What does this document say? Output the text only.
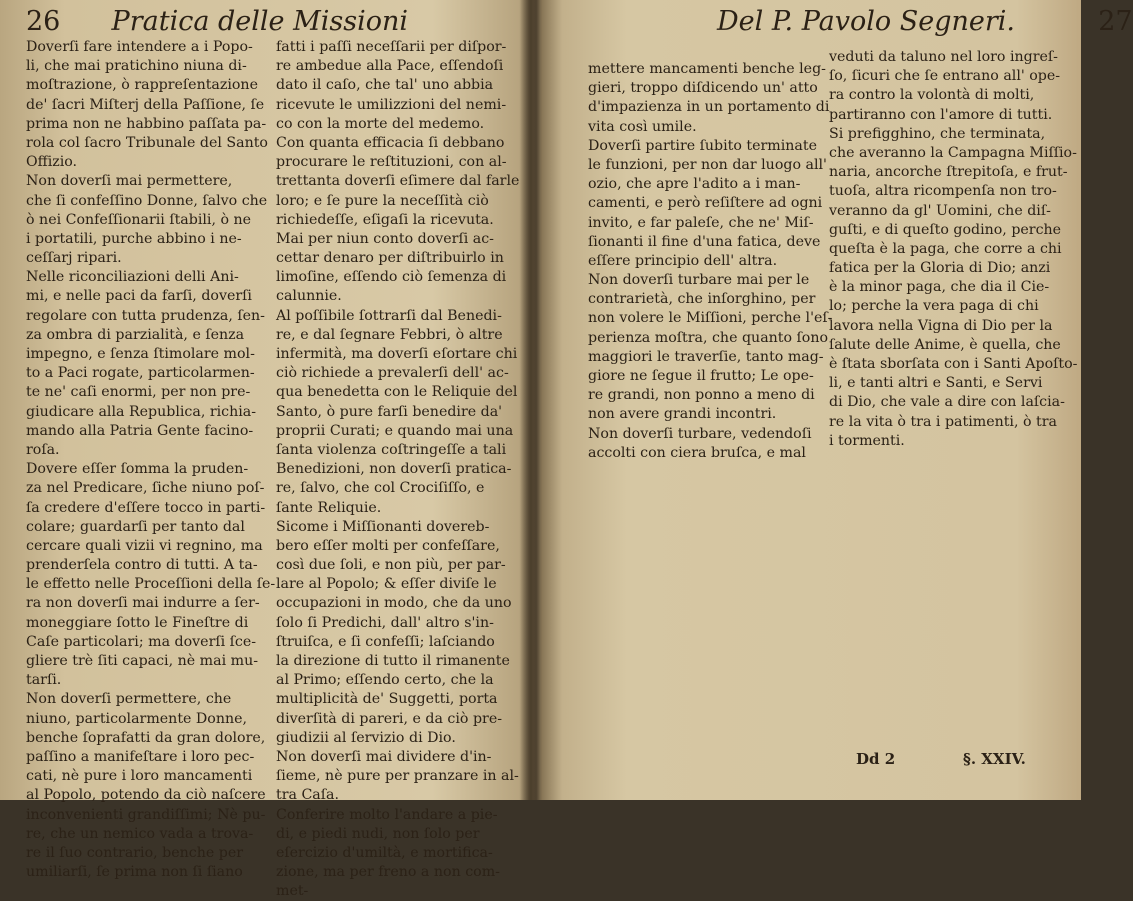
26 Pratica delle Missioni
Doverſi fare intendere a i Popo-
li, che mai pratichino niuna di-
moſtrazione, ò rappreſentazione
de' ſacri Miſterj della Paſſione, ſe
prima non ne habbino paſſata pa-
rola col ſacro Tribunale del Santo
Offizio.
Non doverſi mai permettere,
che ſi confeſſino Donne, ſalvo che
ò nei Confeſſionarii ſtabili, ò ne
i portatili, purche abbino i ne-
ceſſarj ripari.
Nelle riconciliazioni delli Ani-
mi, e nelle paci da farſi, doverſi
regolare con tutta prudenza, ſen-
za ombra di parzialità, e ſenza
impegno, e ſenza ſtimolare mol-
to a Paci rogate, particolarmen-
te ne' caſi enormi, per non pre-
giudicare alla Republica, richia-
mando alla Patria Gente facino-
roſa.
Dovere eſſer ſomma la pruden-
za nel Predicare, ſiche niuno poſ-
ſa credere d'eſſere tocco in parti-
colare; guardarſi per tanto dal
cercare quali vizii vi regnino, ma
prenderſela contro di tutti. A ta-
le effetto nelle Proceſſioni della ſe-
ra non doverſi mai indurre a ſer-
moneggiare ſotto le Fineſtre di
Caſe particolari; ma doverſi ſce-
gliere trè ſiti capaci, nè mai mu-
tarſi.
Non doverſi permettere, che
niuno, particolarmente Donne,
benche ſoprafatti da gran dolore,
paſſino a manifeſtare i loro pec-
cati, nè pure i loro mancamenti
al Popolo, potendo da ciò naſcere
inconvenienti grandiſſimi; Nè pu-
re, che un nemico vada a trova-
re il ſuo contrario, benche per
umiliarſi, ſe prima non ſi ſiano
fatti i paſſi neceſſarii per diſpor-
re ambedue alla Pace, eſſendoſi
dato il caſo, che tal' uno abbia
ricevute le umilizzioni del nemi-
co con la morte del medemo.
Con quanta efficacia ſi debbano
procurare le reſtituzioni, con al-
trettanta doverſi eſimere dal farle
loro; e ſe pure la neceſſità ciò
richiedeſſe, eſigaſi la ricevuta.
Mai per niun conto doverſi ac-
cettar denaro per diſtribuirlo in
limoſine, eſſendo ciò ſemenza di
calunnie.
Al poſſibile ſottrarſi dal Benedi-
re, e dal ſegnare Febbri, ò altre
infermità, ma doverſi eſortare chi
ciò richiede a prevalerſi dell' ac-
qua benedetta con le Reliquie del
Santo, ò pure farſi benedire da'
proprii Curati; e quando mai una
ſanta violenza coſtringeſſe a tali
Benedizioni, non doverſi pratica-
re, ſalvo, che col Crociſiſſo, e
ſante Reliquie.
Sicome i Miſſionanti dovereb-
bero eſſer molti per confeſſare,
così due ſoli, e non più, per par-
lare al Popolo; & eſſer diviſe le
occupazioni in modo, che da uno
ſolo ſi Predichi, dall' altro s'in-
ſtruiſca, e ſi confeſſi; laſciando
la direzione di tutto il rimanente
al Primo; eſſendo certo, che la
multiplicità de' Suggetti, porta
diverſità di pareri, e da ciò pre-
giudizii al ſervizio di Dio.
Non doverſi mai dividere d'in-
ſieme, nè pure per pranzare in al-
tra Caſa.
Conferire molto l'andare a pie-
di, e piedi nudi, non ſolo per
eſercizio d'umiltà, e mortifica-
zione, ma per freno a non com-
met-
Del P. Pavolo Segneri.	27
mettere mancamenti benche leg-
gieri, troppo diſdicendo un' atto
d'impazienza in un portamento di
vita così umile.
Doverſi partire ſubito terminate
le funzioni, per non dar luogo all'
ozio, che apre l'adito a i man-
camenti, e però reſiſtere ad ogni
invito, e far paleſe, che ne' Miſ-
ſionanti il fine d'una fatica, deve
eſſere principio dell' altra.
Non doverſi turbare mai per le
contrarietà, che inſorghino, per
non volere le Miſſioni, perche l'eſ-
perienza moſtra, che quanto ſono
maggiori le traverſie, tanto mag-
giore ne ſegue il frutto; Le ope-
re grandi, non ponno a meno di
non avere grandi incontri.
Non doverſi turbare, vedendoſi
accolti con ciera bruſca, e mal
veduti da taluno nel loro ingreſ-
ſo, ſicuri che ſe entrano all' ope-
ra contro la volontà di molti,
partiranno con l'amore di tutti.
Si prefigghino, che terminata,
che averanno la Campagna Miſſio-
naria, ancorche ſtrepitoſa, e frut-
tuoſa, altra ricompenſa non tro-
veranno da gl' Uomini, che diſ-
guſti, e di queſto godino, perche
queſta è la paga, che corre a chi
fatica per la Gloria di Dio; anzi
è la minor paga, che dia il Cie-
lo; perche la vera paga di chi
lavora nella Vigna di Dio per la
ſalute delle Anime, è quella, che
è ſtata sborſata con i Santi Apoſto-
li, e tanti altri e Santi, e Servi
di Dio, che vale a dire con laſcia-
re la vita ò tra i patimenti, ò tra
i tormenti.
Dd 2	§. XXIV.
